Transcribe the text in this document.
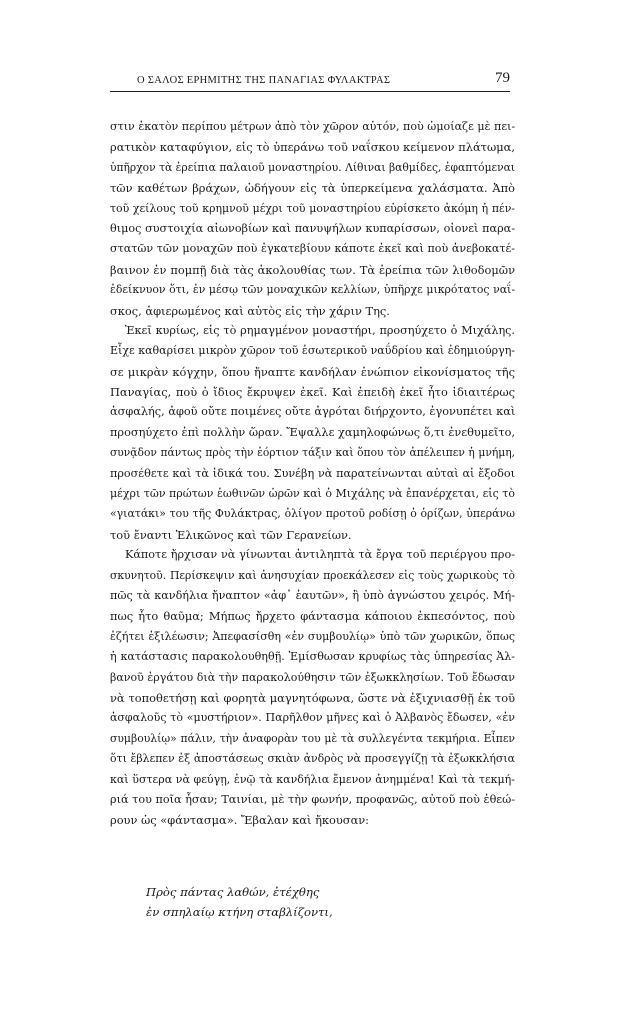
Ο ΣΑΛΟΣ ΕΡΗΜΙΤΗΣ ΤΗΣ ΠΑΝΑΓΙΑΣ ΦΥΛΑΚΤΡΑΣ	79
στιν ἑκατὸν περίπου μέτρων ἀπὸ τὸν χῶρον αὐτόν, ποὺ ὡμοίαζε μὲ πει-
ρατικὸν καταφύγιον, εἰς τὸ ὑπεράνω τοῦ ναΐσκου κείμενον πλάτωμα,
ὑπῆρχον τὰ ἐρείπια παλαιοῦ μοναστηρίου. Λίθιναι βαθμίδες, ἐφαπτόμεναι
τῶν καθέτων βράχων, ὡδήγουν εἰς τὰ ὑπερκείμενα χαλάσματα. Ἀπὸ
τοῦ χείλους τοῦ κρημνοῦ μέχρι τοῦ μοναστηρίου εὑρίσκετο ἀκόμη ἡ πέν-
θιμος συστοιχία αἰωνοβίων καὶ πανυψήλων κυπαρίσσων, οἱονεὶ παρα-
στατῶν τῶν μοναχῶν ποὺ ἐγκατεβίουν κάποτε ἐκεῖ καὶ ποὺ ἀνεβοκατέ-
βαινον ἐν πομπῇ διὰ τὰς ἀκολουθίας των. Τὰ ἐρείπια τῶν λιθοδομῶν
ἐδείκνυον ὅτι, ἐν μέσῳ τῶν μοναχικῶν κελλίων, ὑπῆρχε μικρότατος ναΐ-
σκος, ἀφιερωμένος καὶ αὐτὸς εἰς τὴν χάριν Της.
Ἐκεῖ κυρίως, εἰς τὸ ρημαγμένον μοναστήρι, προσηύχετο ὁ Μιχάλης.
Εἶχε καθαρίσει μικρὸν χῶρον τοῦ ἐσωτερικοῦ ναΰδρίου καὶ ἐδημιούργη-
σε μικρὰν κόγχην, ὅπου ἤναπτε κανδήλαν ἐνώπιον εἰκονίσματος τῆς
Παναγίας, ποὺ ὁ ἴδιος ἔκρυψεν ἐκεῖ. Καὶ ἐπειδὴ ἐκεῖ ἦτο ἰδιαιτέρως
ἀσφαλής, ἀφοῦ οὔτε ποιμένες οὔτε ἀγρόται διήρχοντο, ἐγονυπέτει καὶ
προσηύχετο ἐπὶ πολλὴν ὥραν. Ἔψαλλε χαμηλοφώνως ὅ,τι ἐνεθυμεῖτο,
συνᾷδον πάντως πρὸς τὴν ἑόρτιον τάξιν καὶ ὅπου τὸν ἀπέλειπεν ἡ μνήμη,
προσέθετε καὶ τὰ ἰδικά του. Συνέβη νὰ παρατείνωνται αὐταὶ αἱ ἔξοδοι
μέχρι τῶν πρώτων ἑωθινῶν ὡρῶν καὶ ὁ Μιχάλης νὰ ἐπανέρχεται, εἰς τὸ
«γιατάκι» του τῆς Φυλάκτρας, ὀλίγον προτοῦ ροδίσῃ ὁ ὁρίζων, ὑπεράνω
τοῦ ἔναντι Ἑλικῶνος καὶ τῶν Γερανείων.
Κάποτε ἤρχισαν νὰ γίνωνται ἀντιληπτὰ τὰ ἔργα τοῦ περιέργου προ-
σκυνητοῦ. Περίσκεψιν καὶ ἀνησυχίαν προεκάλεσεν εἰς τοὺς χωρικοὺς τὸ
πῶς τὰ κανδήλια ἤναπτον «ἀφ᾽ ἑαυτῶν», ἢ ὑπὸ ἀγνώστου χειρός. Μή-
πως ἦτο θαῦμα; Μήπως ἤρχετο φάντασμα κάποιου ἐκπεσόντος, ποὺ
ἐζήτει ἐξιλέωσιν; Ἀπεφασίσθη «ἐν συμβουλίῳ» ὑπὸ τῶν χωρικῶν, ὅπως
ἡ κατάστασις παρακολουθηθῇ. Ἐμίσθωσαν κρυφίως τὰς ὑπηρεσίας Ἀλ-
βανοῦ ἐργάτου διὰ τὴν παρακολούθησιν τῶν ἐξωκκλησίων. Τοῦ ἔδωσαν
νὰ τοποθετήσῃ καὶ φορητὰ μαγνητόφωνα, ὥστε νὰ ἐξιχνιασθῇ ἐκ τοῦ
ἀσφαλοῦς τὸ «μυστήριον». Παρῆλθον μῆνες καὶ ὁ Ἀλβανὸς ἔδωσεν, «ἐν
συμβουλίῳ» πάλιν, τὴν ἀναφορὰν του μὲ τὰ συλλεγέντα τεκμήρια. Εἶπεν
ὅτι ἔβλεπεν ἐξ ἀποστάσεως σκιὰν ἀνδρὸς νὰ προσεγγίζῃ τὰ ἐξωκκλήσια
καὶ ὕστερα νὰ φεύγῃ, ἐνῷ τὰ κανδήλια ἔμενον ἀνημμένα! Καὶ τὰ τεκμή-
ριά του ποῖα ἦσαν; Ταινίαι, μὲ τὴν φωνήν, προφανῶς, αὐτοῦ ποὺ ἐθεώ-
ρουν ὡς «φάντασμα». Ἔβαλαν καὶ ἤκουσαν:
Πρὸς πάντας λαθών, ἐτέχθης
ἐν σπηλαίῳ κτήνη σταβλίζοντι,
